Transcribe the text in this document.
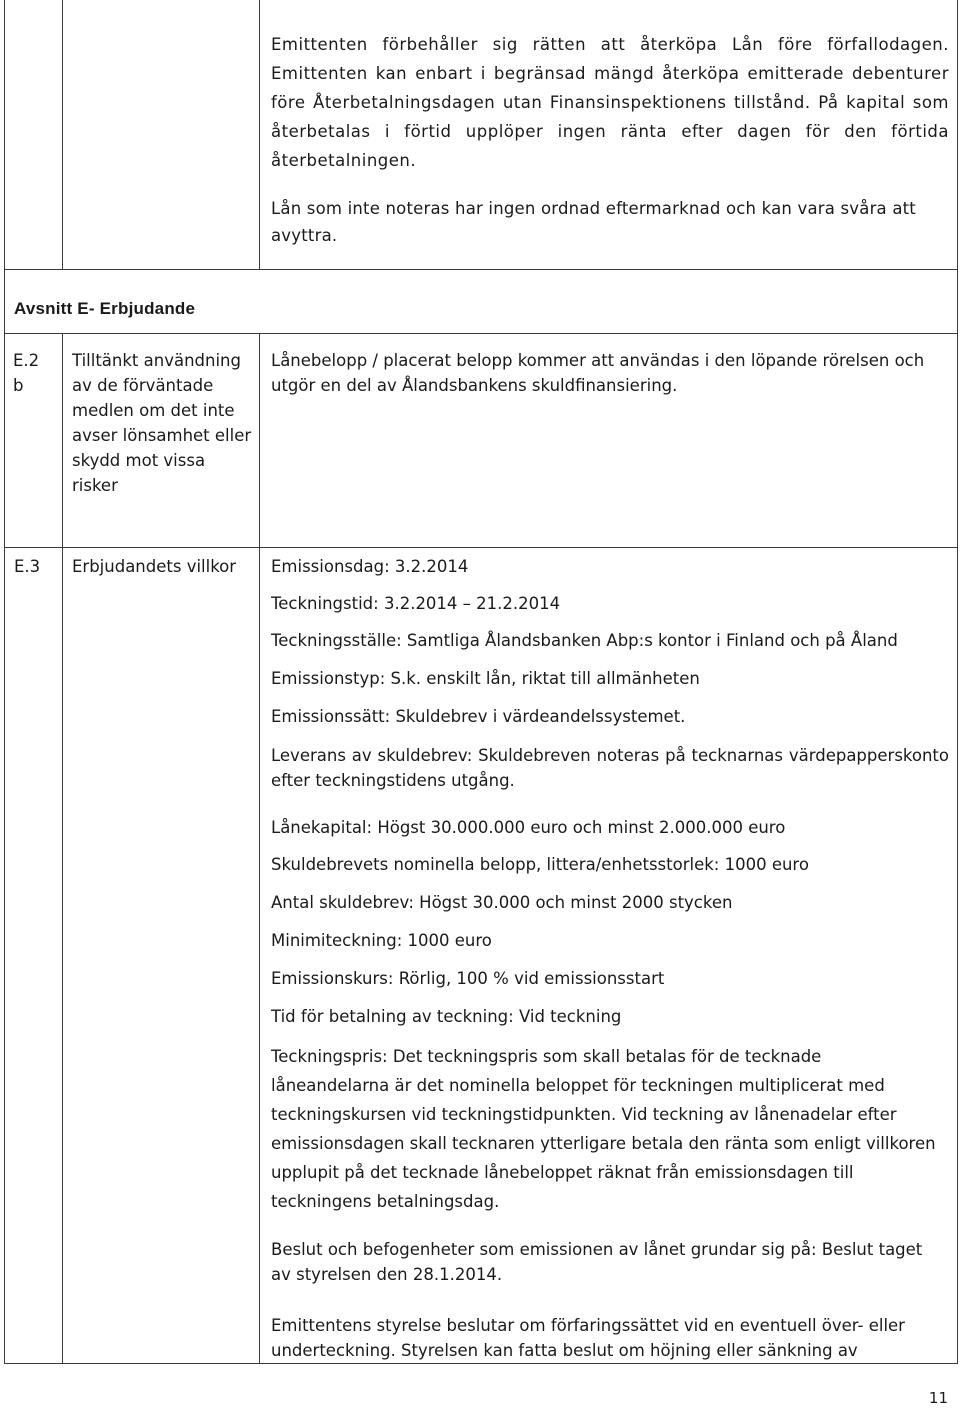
Emittenten förbehåller sig rätten att återköpa Lån före förfallodagen. Emittenten kan enbart i begränsad mängd återköpa emitterade debenturer före Återbetalningsdagen utan Finansinspektionens tillstånd. På kapital som återbetalas i förtid upplöper ingen ränta efter dagen för den förtida återbetalningen.

Lån som inte noteras har ingen ordnad eftermarknad och kan vara svåra att avyttra.

Avsnitt E- Erbjudande
E.2 b
Tilltänkt användning av de förväntade medlen om det inte avser lönsamhet eller skydd mot vissa risker
Lånebelopp / placerat belopp kommer att användas i den löpande rörelsen och utgör en del av Ålandsbankens skuldfinansiering.
E.3 Erbjudandets villkor	Emissionsdag: 3.2.2014
Teckningstid: 3.2.2014 – 21.2.2014
Teckningsställe: Samtliga Ålandsbanken Abp:s kontor i Finland och på Åland
Emissionstyp: S.k. enskilt lån, riktat till allmänheten
Emissionssätt: Skuldebrev i värdeandelssystemet.
Leverans av skuldebrev: Skuldebreven noteras på tecknarnas värdepapperskonto efter teckningstidens utgång.
Lånekapital: Högst 30.000.000 euro och minst 2.000.000 euro
Skuldebrevets nominella belopp, littera/enhetsstorlek: 1000 euro
Antal skuldebrev: Högst 30.000 och minst 2000 stycken
Minimiteckning: 1000 euro
Emissionskurs: Rörlig, 100 % vid emissionsstart
Tid för betalning av teckning: Vid teckning
Teckningspris: Det teckningspris som skall betalas för de tecknade låneandelarna är det nominella beloppet för teckningen multiplicerat med teckningskursen vid teckningstidpunkten. Vid teckning av lånenadelar efter emissionsdagen skall tecknaren ytterligare betala den ränta som enligt villkoren upplupit på det tecknade lånebeloppet räknat från emissionsdagen till teckningens betalningsdag.
Beslut och befogenheter som emissionen av lånet grundar sig på: Beslut taget av styrelsen den 28.1.2014.
Emittentens styrelse beslutar om förfaringssättet vid en eventuell över- eller underteckning. Styrelsen kan fatta beslut om höjning eller sänkning av
11
